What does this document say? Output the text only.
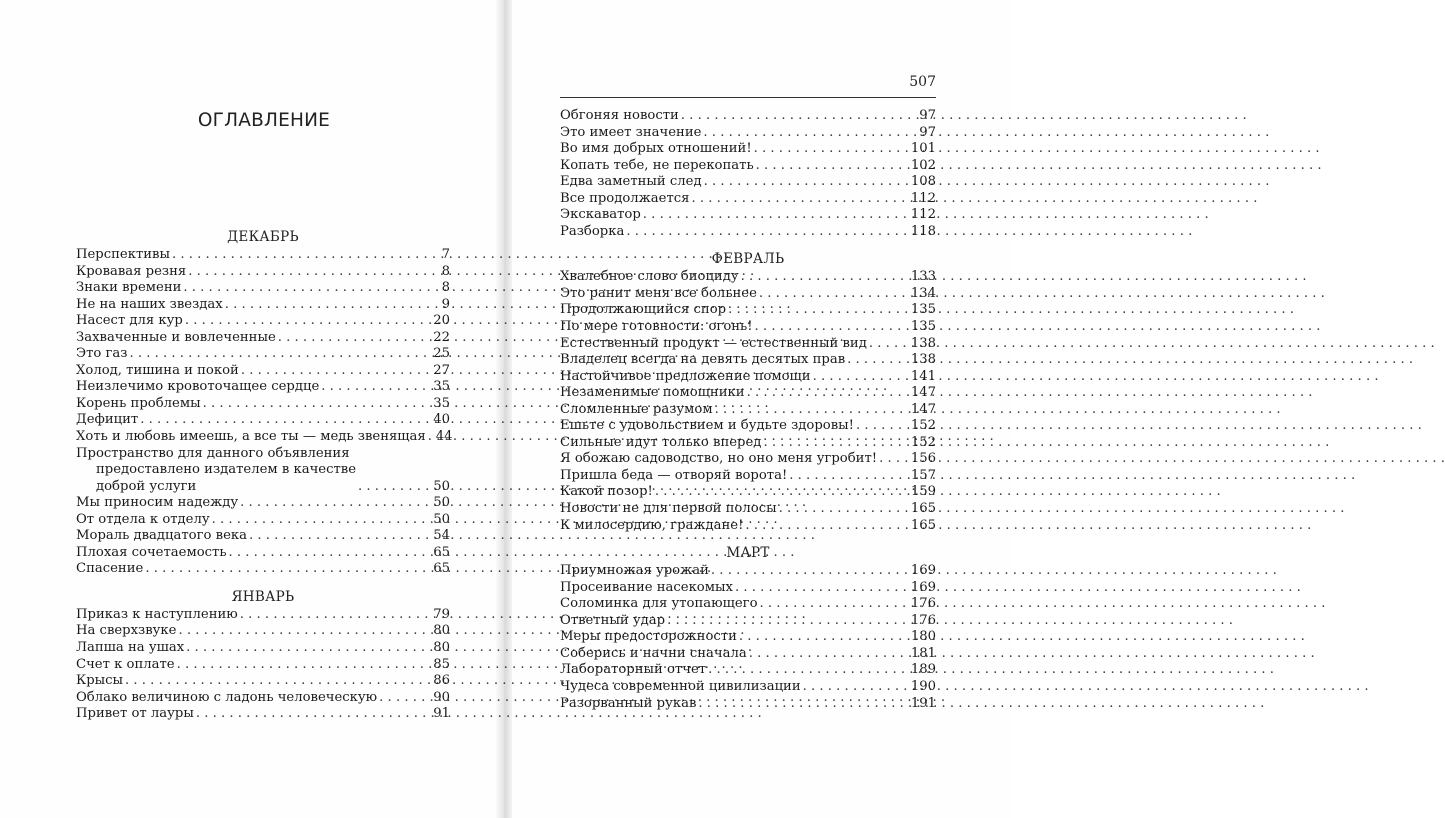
ОГЛАВЛЕНИЕ
507
ДЕКАБРЬ
Перспективы . . .	7
Кровавая резня . . .	8
Знаки времени . . .	8
Не на наших звездах . . .	9
Насест для кур . . .	20
Захваченные и вовлеченные . . .	22
Это газ . . .	25
Холод, тишина и покой . . .	27
Неизлечимо кровоточащее сердце . . .	35
Корень проблемы . . .	35
Дефицит . . .	40
Хоть и любовь имеешь, а все ты — медь звенящая . . . 44
Пространство для данного объявления
предоставлено издателем в качестве
доброй услуги . . .	50
Мы приносим надежду . . .	50
От отдела к отделу . . .	50
Мораль двадцатого века . . .	54
Плохая сочетаемость . . .	65
Спасение . . .	65
ЯНВАРЬ
Приказ к наступлению . . .	79
На сверхзвуке . . .	80
Лапша на ушах . . .	80
Счет к оплате . . .	85
Крысы . . .	86
Облако величиною с ладонь человеческую . . .	90
Привет от лауры . . .	91
Обгоняя новости . . .	97
Это имеет значение . . .	97
Во имя добрых отношений! . . .	101
Копать тебе, не перекопать . . .	102
Едва заметный след . . .	108
Все продолжается . . .	112
Экскаватор . . .	112
Разборка . . .	118
ФЕВРАЛЬ
Хвалебное слово биоциду . . .	133
Это ранит меня все больнее . . .	134
Продолжающийся спор . . .	135
По мере готовности: огонь! . . .	135
Естественный продукт — естественный вид . . .	138
Владелец всегда на девять десятых прав . . .	138
Настойчивое предложение помощи . . .	141
Незаменимые помощники . . .	147
Сломленные разумом . . .	147
Ешьте с удовольствием и будьте здоровы! . . .	152
Сильные идут только вперед . . .	152
Я обожаю садоводство, но оно меня угробит! . . .	156
Пришла беда — отворяй ворота! . . .	157
Какой позор! . . .	159
Новости не для первой полосы . . .	165
К милосердию, граждане! . . .	165
МАРТ
Приумножая урожай . . .	169
Просеивание насекомых . . .	169
Соломинка для утопающего . . .	176
Ответный удар . . .	176
Меры предосторожности . . .	180
Соберись и начни сначала . . .	181
Лабораторный отчет . . .	189
Чудеса современной цивилизации . . .	190
Разорванный рукав . . .	191
